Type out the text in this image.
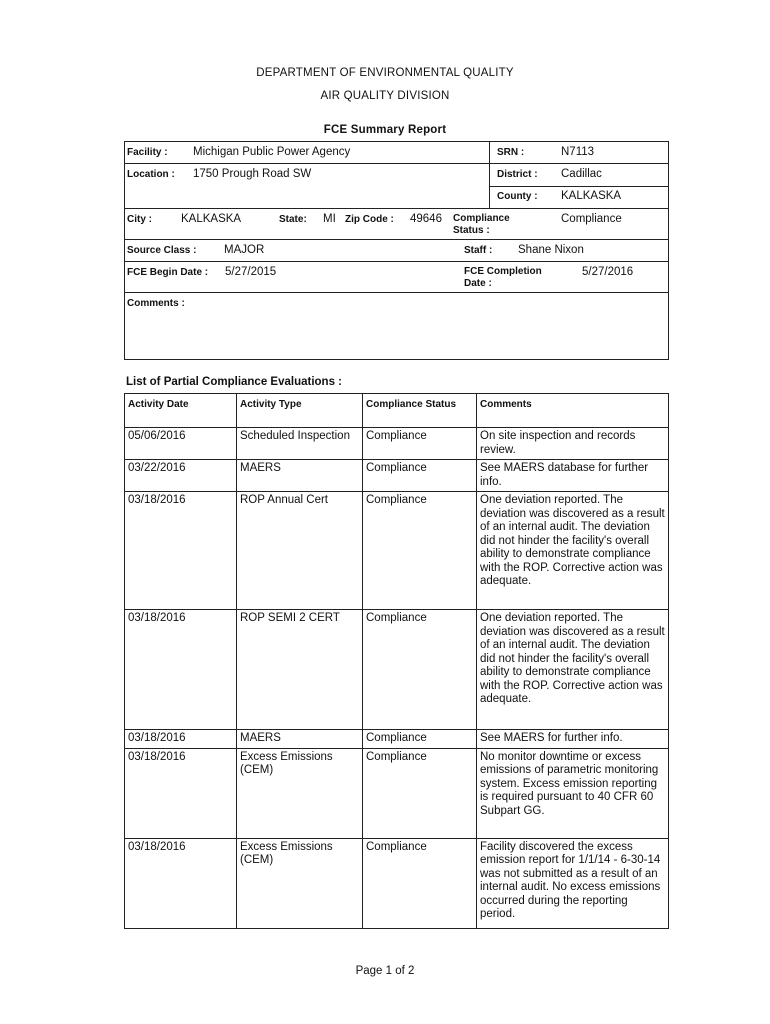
DEPARTMENT OF ENVIRONMENTAL QUALITY
AIR QUALITY DIVISION
FCE Summary Report
Facility : Michigan Public Power Agency	SRN :	N7113
Location : 1750 Prough Road SW	District : Cadillac
County : KALKASKA
City :	KALKASKA	State: MI Zip Code : 49646 Compliance Status :
Compliance
Source Class : MAJOR	Staff : Shane Nixon
FCE Begin Date : 5/27/2015	FCE Completion Date :
5/27/2016
Comments :
List of Partial Compliance Evaluations :
Activity Date	Activity Type	Compliance Status	Comments
05/06/2016	Scheduled Inspection	Compliance	On site inspection and records review.
03/22/2016	MAERS	Compliance	See MAERS database for further info.
03/18/2016	ROP Annual Cert	Compliance	One deviation reported. The deviation was discovered as a result of an internal audit. The deviation did not hinder the facility's overall ability to demonstrate compliance with the ROP. Corrective action was adequate.
03/18/2016	ROP SEMI 2 CERT	Compliance	One deviation reported. The deviation was discovered as a result of an internal audit. The deviation did not hinder the facility's overall ability to demonstrate compliance with the ROP. Corrective action was adequate.
03/18/2016	MAERS	Compliance	See MAERS for further info.
03/18/2016	Excess Emissions (CEM)	Compliance	No monitor downtime or excess emissions of parametric monitoring system. Excess emission reporting is required pursuant to 40 CFR 60 Subpart GG.
03/18/2016	Excess Emissions (CEM)	Compliance	Facility discovered the excess emission report for 1/1/14 - 6-30-14 was not submitted as a result of an internal audit. No excess emissions occurred during the reporting period.
Page 1 of 2
